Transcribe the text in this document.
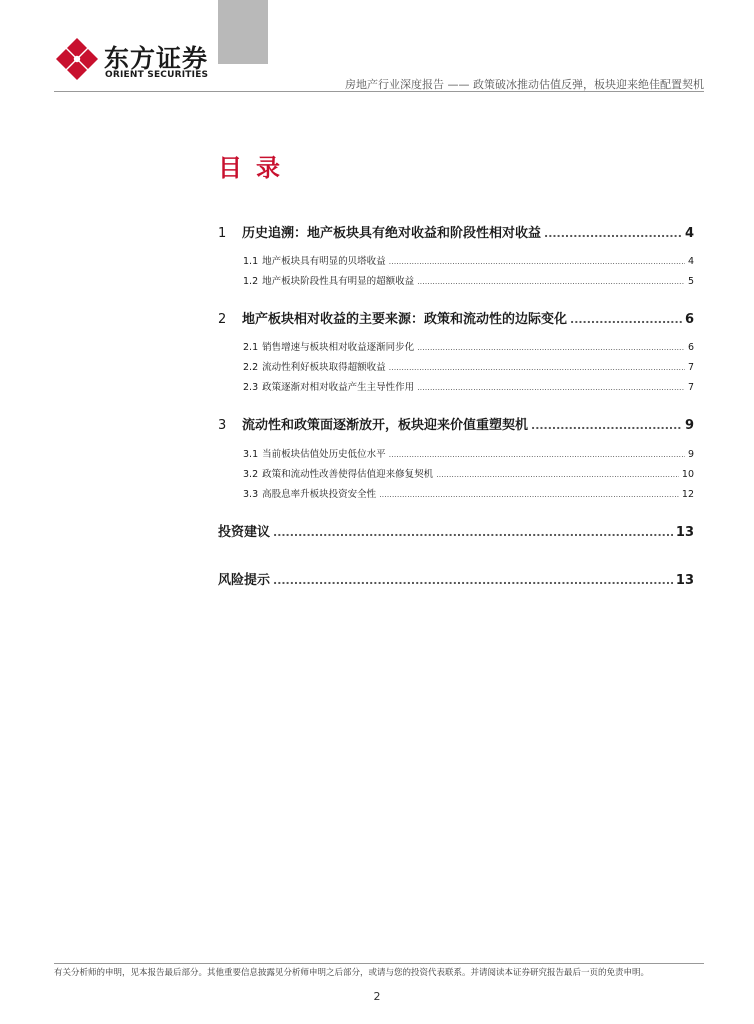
东方证券
ORIENT SECURITIES
房地产行业深度报告 —— 政策破冰推动估值反弹，板块迎来绝佳配置契机
目录
1	历史追溯：地产板块具有绝对收益和阶段性相对收益 .....	4
1.1 地产板块具有明显的贝塔收益 .....	4
1.2 地产板块阶段性具有明显的超额收益 .....	5
2	地产板块相对收益的主要来源：政策和流动性的边际变化 .....	6
2.1 销售增速与板块相对收益逐渐同步化 .....	6
2.2 流动性利好板块取得超额收益 .....	7
2.3 政策逐渐对相对收益产生主导性作用 .....	7
3	流动性和政策面逐渐放开，板块迎来价值重塑契机 .....	9
3.1 当前板块估值处历史低位水平 .....	9
3.2 政策和流动性改善使得估值迎来修复契机 .....	10
3.3 高股息率升板块投资安全性 .....	12
投资建议 .....	13
风险提示 .....	13
有关分析师的申明，见本报告最后部分。其他重要信息披露见分析师申明之后部分，或请与您的投资代表联系。并请阅读本证券研究报告最后一页的免责申明。
2
